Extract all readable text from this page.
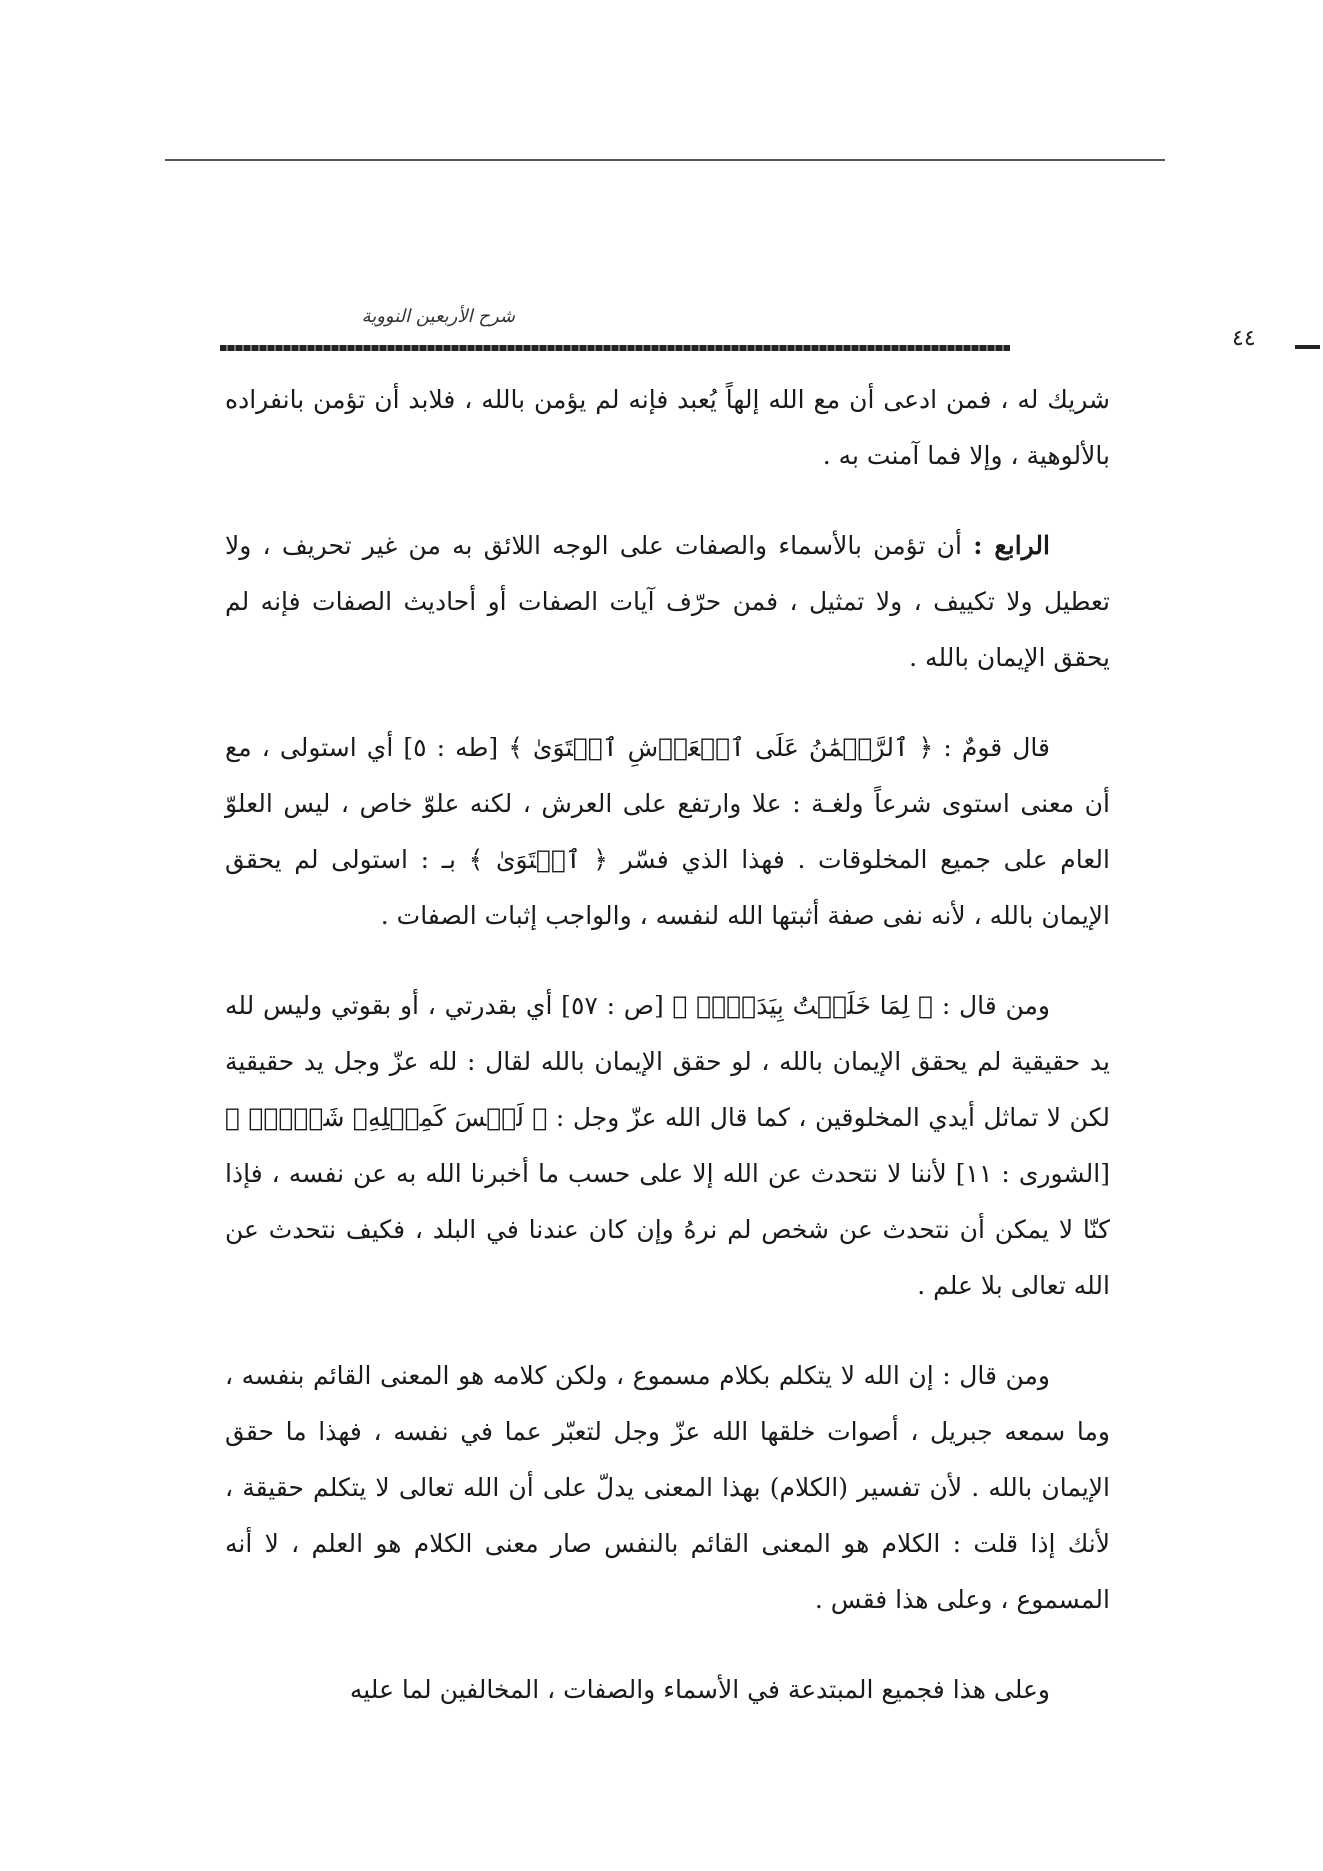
شرح الأربعين النووية
٤٤

شريك له ، فمن ادعى أن مع الله إلهاً يُعبد فإنه لم يؤمن بالله ، فلابد أن تؤمن بانفراده بالألوهية ، وإلا فما آمنت به .

الرابع : أن تؤمن بالأسماء والصفات على الوجه اللائق به من غير تحريف ، ولا تعطيل ولا تكييف ، ولا تمثيل ، فمن حرّف آيات الصفات أو أحاديث الصفات فإنه لم يحقق الإيمان بالله .

قال قومٌ : ﴿ ٱلرَّحۡمَٰنُ عَلَى ٱلۡعَرۡشِ ٱسۡتَوَىٰ ﴾ [طه : ٥] أي استولى ، مع أن معنى استوى شرعاً ولغـة : علا وارتفع على العرش ، لكنه علوّ خاص ، ليس العلوّ العام على جميع المخلوقات . فهذا الذي فسّر ﴿ ٱسۡتَوَىٰ ﴾ بـ : استولى لم يحقق الإيمان بالله ، لأنه نفى صفة أثبتها الله لنفسه ، والواجب إثبات الصفات .

ومن قال : ﴿ لِمَا خَلَقۡتُ بِيَدَيَّۖ ﴾ [ص : ٥٧] أي بقدرتي ، أو بقوتي وليس لله يد حقيقية لم يحقق الإيمان بالله ، لو حقق الإيمان بالله لقال : لله عزّ وجل يد حقيقية لكن لا تماثل أيدي المخلوقين ، كما قال الله عزّ وجل : ﴿ لَيۡسَ كَمِثۡلِهِۦ شَيۡءٞۖ ﴾ [الشورى : ١١] لأننا لا نتحدث عن الله إلا على حسب ما أخبرنا الله به عن نفسه ، فإذا كنّا لا يمكن أن نتحدث عن شخص لم نرهُ وإن كان عندنا في البلد ، فكيف نتحدث عن الله تعالى بلا علم .

ومن قال : إن الله لا يتكلم بكلام مسموع ، ولكن كلامه هو المعنى القائم بنفسه ، وما سمعه جبريل ، أصوات خلقها الله عزّ وجل لتعبّر عما في نفسه ، فهذا ما حقق الإيمان بالله . لأن تفسير (الكلام) بهذا المعنى يدلّ على أن الله تعالى لا يتكلم حقيقة ، لأنك إذا قلت : الكلام هو المعنى القائم بالنفس صار معنى الكلام هو العلم ، لا أنه المسموع ، وعلى هذا فقس .

وعلى هذا فجميع المبتدعة في الأسماء والصفات ، المخالفين لما عليه
